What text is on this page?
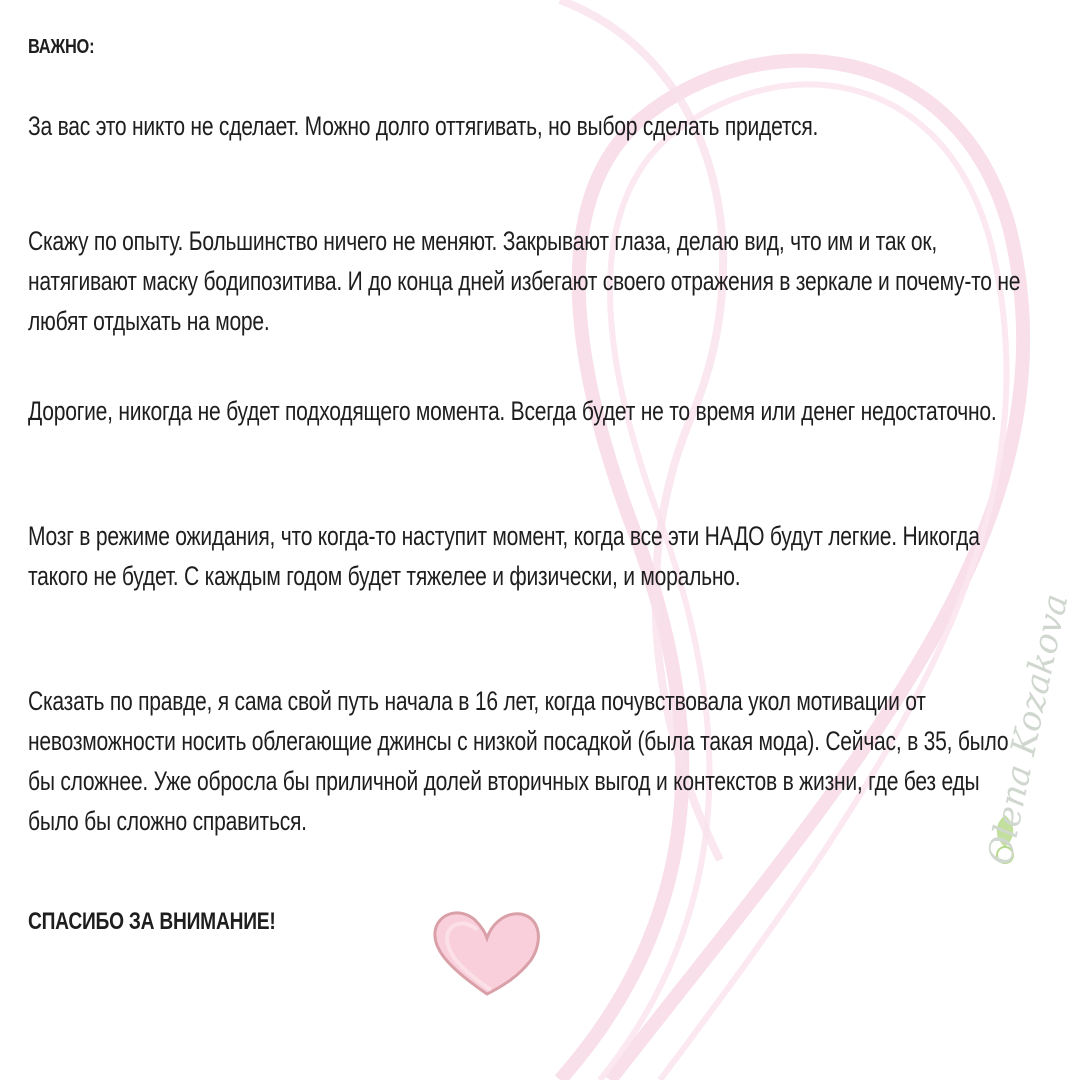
ВАЖНО:

За вас это никто не сделает. Можно долго оттягивать, но выбор сделать придется.

Скажу по опыту. Большинство ничего не меняют. Закрывают глаза, делаю вид, что им и так ок, натягивают маску бодипозитива. И до конца дней избегают своего отражения в зеркале и почему-то не любят отдыхать на море.

Дорогие, никогда не будет подходящего момента. Всегда будет не то время или денег недостаточно.

Мозг в режиме ожидания, что когда-то наступит момент, когда все эти НАДО будут легкие. Никогда такого не будет. С каждым годом будет тяжелее и физически, и морально.

Сказать по правде, я сама свой путь начала в 16 лет, когда почувствовала укол мотивации от невозможности носить облегающие джинсы с низкой посадкой (была такая мода). Сейчас, в 35, было бы сложнее. Уже обросла бы приличной долей вторичных выгод и контекстов в жизни, где без еды было бы сложно справиться.

СПАСИБО ЗА ВНИМАНИЕ!

Olena Kozakova
